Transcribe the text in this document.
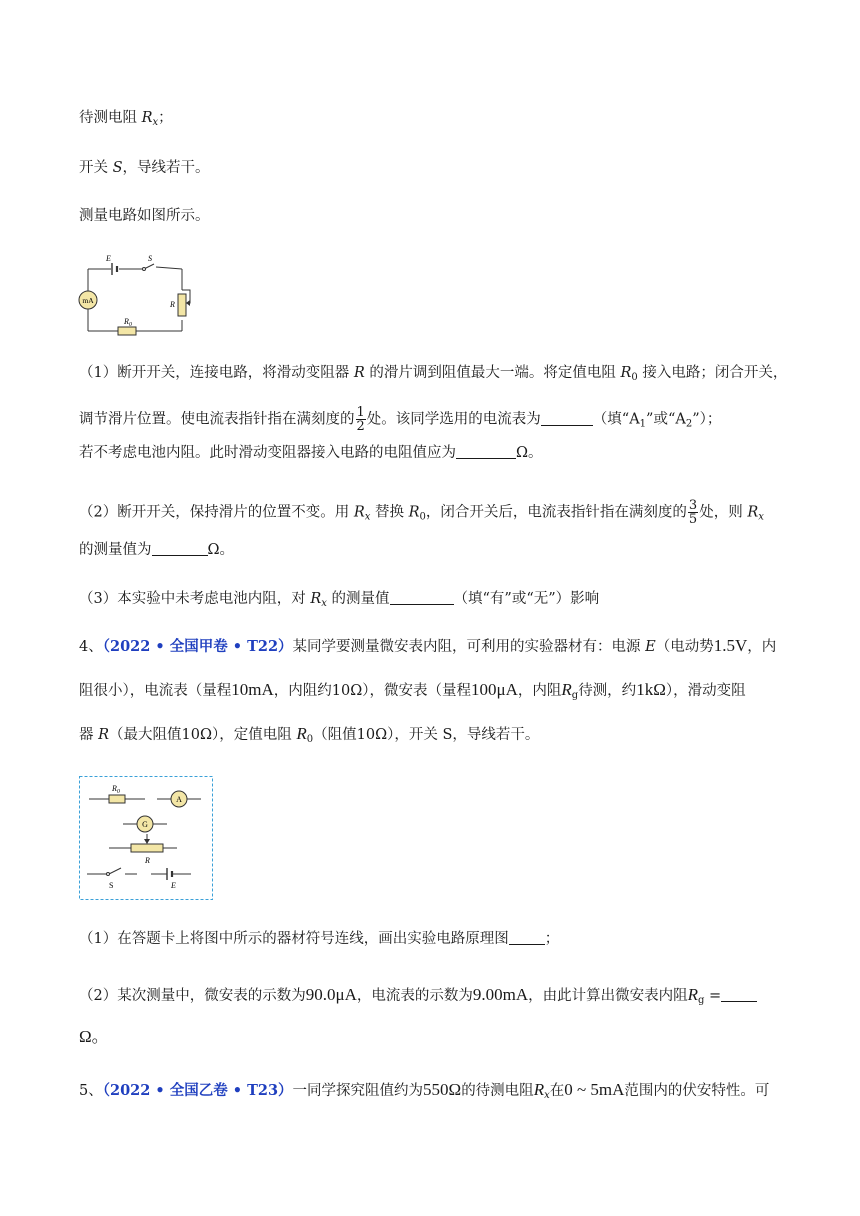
待测电阻 $R_x$；
开关 S，导线若干。
测量电路如图所示。
E	S
R
$R_0$
mA
（1）断开开关，连接电路，将滑动变阻器 R 的滑片调到阻值最大一端。将定值电阻 $R_0$ 接入电路；闭合开关，
调节滑片位置。使电流表指针指在满刻度的 $\frac{1}{2}$ 处。该同学选用的电流表为	（填“$A_1$”或“$A_2$”）；
若不考虑电池内阻。此时滑动变阻器接入电路的电阻值应为	Ω。
（2）断开开关，保持滑片的位置不变。用 $R_x$ 替换 $R_0$，闭合开关后，电流表指针指在满刻度的 $\frac{3}{5}$ 处，则 $R_x$
的测量值为	Ω。
（3）本实验中未考虑电池内阻，对 $R_x$ 的测量值	（填“有”或“无”）影响
4、（2022 • 全国甲卷 • T22）某同学要测量微安表内阻，可利用的实验器材有：电源 E（电动势1.5V，内
阻很小），电流表（量程10mA，内阻约10Ω），微安表（量程100μA，内阻$R_g$待测，约1kΩ），滑动变阻
器 R（最大阻值10Ω），定值电阻 $R_0$（阻值10Ω），开关 S，导线若干。
$R_0$
A
G
R
S	E
（1）在答题卡上将图中所示的器材符号连线，画出实验电路原理图 ；
（2）某次测量中，微安表的示数为90.0μA，电流表的示数为9.00mA，由此计算出微安表内阻$R_g$ =
Ω。
5、（2022 • 全国乙卷 • T23）一同学探究阻值约为550Ω的待测电阻$R_x$在0 ~ 5mA范围内的伏安特性。可
